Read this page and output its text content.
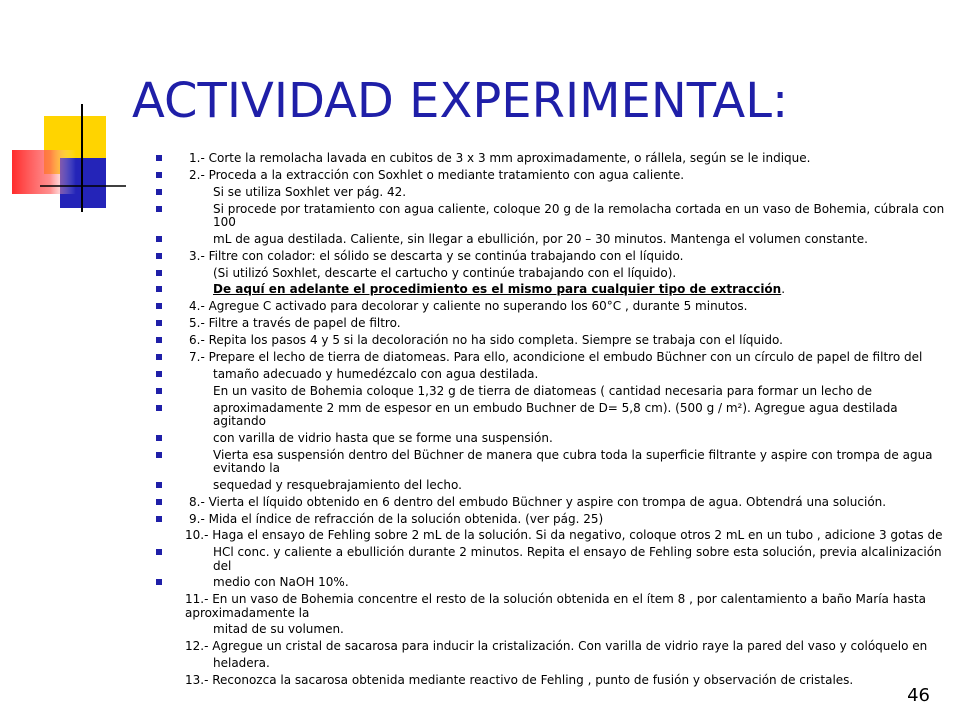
ACTIVIDAD EXPERIMENTAL:
1.- Corte la remolacha lavada en cubitos de 3 x 3 mm aproximadamente, o rállela, según se le indique.
2.- Proceda a la extracción con Soxhlet o mediante tratamiento con agua caliente.
Si se utiliza Soxhlet ver pág. 42.
Si procede por tratamiento con agua caliente, coloque 20 g de la remolacha cortada en un vaso de Bohemia, cúbrala con 100
mL de agua destilada. Caliente, sin llegar a ebullición, por 20 – 30 minutos. Mantenga el volumen constante.
3.- Filtre con colador: el sólido se descarta y se continúa trabajando con el líquido.
(Si utilizó Soxhlet, descarte el cartucho y continúe trabajando con el líquido).
De aquí en adelante el procedimiento es el mismo para cualquier tipo de extracción.
4.- Agregue C activado para decolorar y caliente no superando los 60°C , durante 5 minutos.
5.- Filtre a través de papel de filtro.
6.- Repita los pasos 4 y 5 si la decoloración no ha sido completa. Siempre se trabaja con el líquido.
7.- Prepare el lecho de tierra de diatomeas. Para ello, acondicione el embudo Büchner con un círculo de papel de filtro del
tamaño adecuado y humedézcalo con agua destilada.
En un vasito de Bohemia coloque 1,32 g de tierra de diatomeas ( cantidad necesaria para formar un lecho de
aproximadamente 2 mm de espesor en un embudo Buchner de D= 5,8 cm). (500 g / m²). Agregue agua destilada agitando
con varilla de vidrio hasta que se forme una suspensión.
Vierta esa suspensión dentro del Büchner de manera que cubra toda la superficie filtrante y aspire con trompa de agua evitando la
sequedad y resquebrajamiento del lecho.
8.- Vierta el líquido obtenido en 6 dentro del embudo Büchner y aspire con trompa de agua. Obtendrá una solución.
9.- Mida el índice de refracción de la solución obtenida. (ver pág. 25)
10.- Haga el ensayo de Fehling sobre 2 mL de la solución. Si da negativo, coloque otros 2 mL en un tubo , adicione 3 gotas de
HCl conc. y caliente a ebullición durante 2 minutos. Repita el ensayo de Fehling sobre esta solución, previa alcalinización del
medio con NaOH 10%.
11.- En un vaso de Bohemia concentre el resto de la solución obtenida en el ítem 8 , por calentamiento a baño María hasta aproximadamente la
mitad de su volumen.
12.- Agregue un cristal de sacarosa para inducir la cristalización. Con varilla de vidrio raye la pared del vaso y colóquelo en
heladera.
13.- Reconozca la sacarosa obtenida mediante reactivo de Fehling , punto de fusión y observación de cristales.
46
